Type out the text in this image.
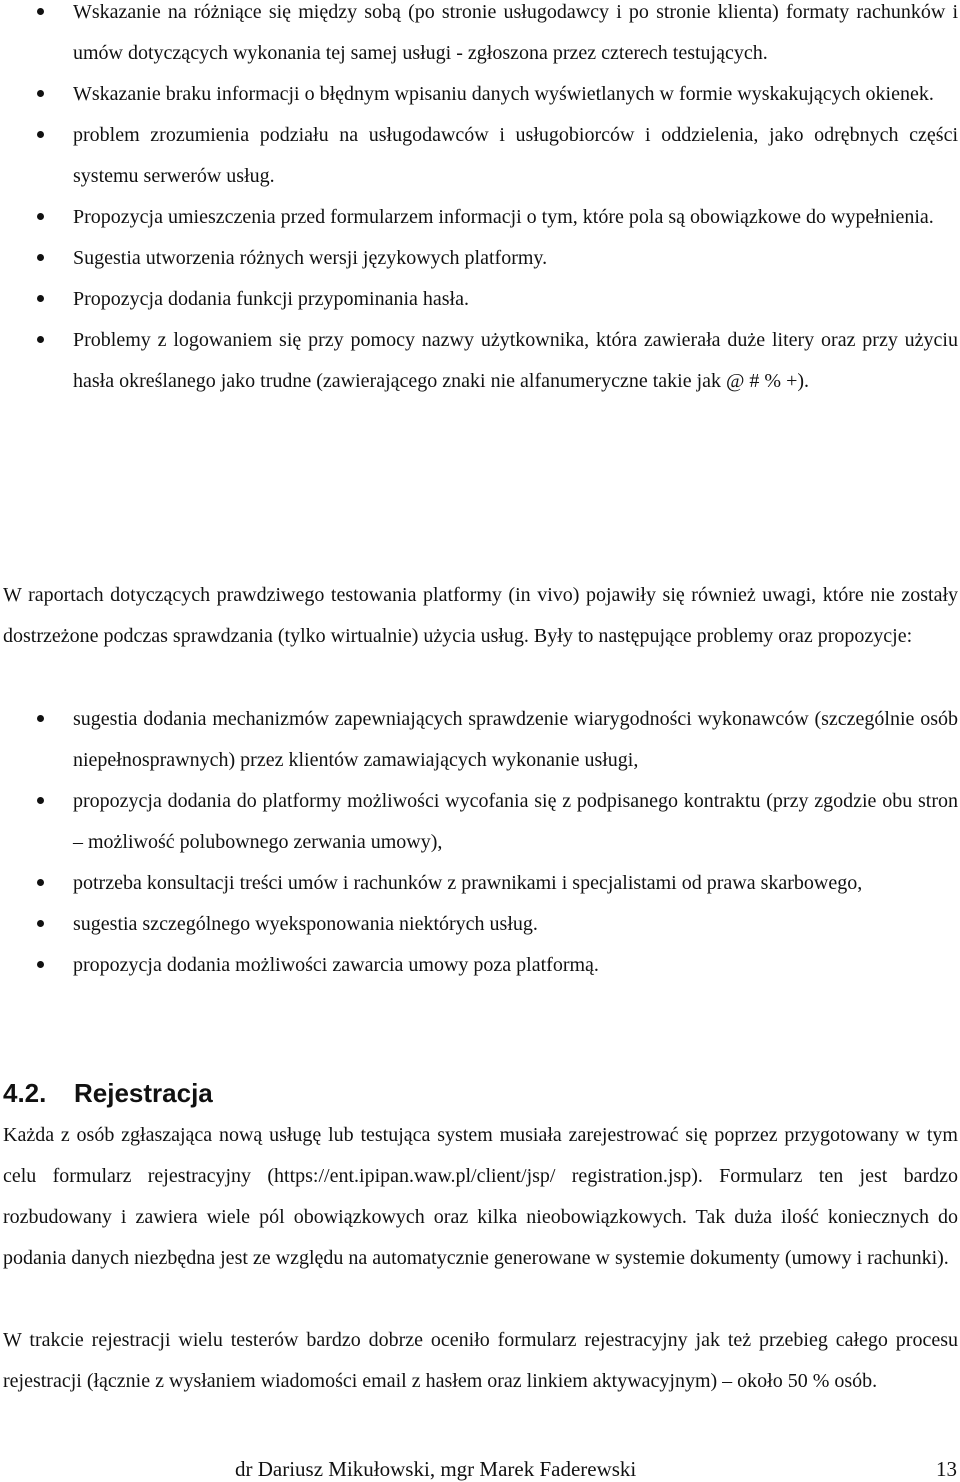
Wskazanie na różniące się między sobą (po stronie usługodawcy i po stronie klienta) formaty rachunków i umów dotyczących wykonania tej samej usługi - zgłoszona przez czterech testujących.
Wskazanie braku informacji o błędnym wpisaniu danych wyświetlanych w formie wyskakujących okienek.
problem zrozumienia podziału na usługodawców i usługobiorców i oddzielenia, jako odrębnych części systemu serwerów usług.
Propozycja umieszczenia przed formularzem informacji o tym, które pola są obowiązkowe do wypełnienia.
Sugestia utworzenia różnych wersji językowych platformy.
Propozycja dodania funkcji przypominania hasła.
Problemy z logowaniem się przy pomocy nazwy użytkownika, która zawierała duże litery oraz przy użyciu hasła określanego jako trudne (zawierającego znaki nie alfanumeryczne takie jak @ # % +).

W raportach dotyczących prawdziwego testowania platformy (in vivo) pojawiły się również uwagi, które nie zostały dostrzeżone podczas sprawdzania (tylko wirtualnie) użycia usług. Były to następujące problemy oraz propozycje:

sugestia dodania mechanizmów zapewniających sprawdzenie wiarygodności wykonawców (szczególnie osób niepełnosprawnych) przez klientów zamawiających wykonanie usługi,
propozycja dodania do platformy możliwości wycofania się z podpisanego kontraktu (przy zgodzie obu stron – możliwość polubownego zerwania umowy),
potrzeba konsultacji treści umów i rachunków z prawnikami i specjalistami od prawa skarbowego,
sugestia szczególnego wyeksponowania niektórych usług.
propozycja dodania możliwości zawarcia umowy poza platformą.
4.2. Rejestracja

Każda z osób zgłaszająca nową usługę lub testująca system musiała zarejestrować się poprzez przygotowany w tym celu formularz rejestracyjny (https://ent.ipipan.waw.pl/client/jsp/ registration.jsp). Formularz ten jest bardzo rozbudowany i zawiera wiele pól obowiązkowych oraz kilka nieobowiązkowych. Tak duża ilość koniecznych do podania danych niezbędna jest ze względu na automatycznie generowane w systemie dokumenty (umowy i rachunki).

W trakcie rejestracji wielu testerów bardzo dobrze oceniło formularz rejestracyjny jak też przebieg całego procesu rejestracji (łącznie z wysłaniem wiadomości email z hasłem oraz linkiem aktywacyjnym) – około 50 % osób.

dr Dariusz Mikułowski, mgr Marek Faderewski	13
